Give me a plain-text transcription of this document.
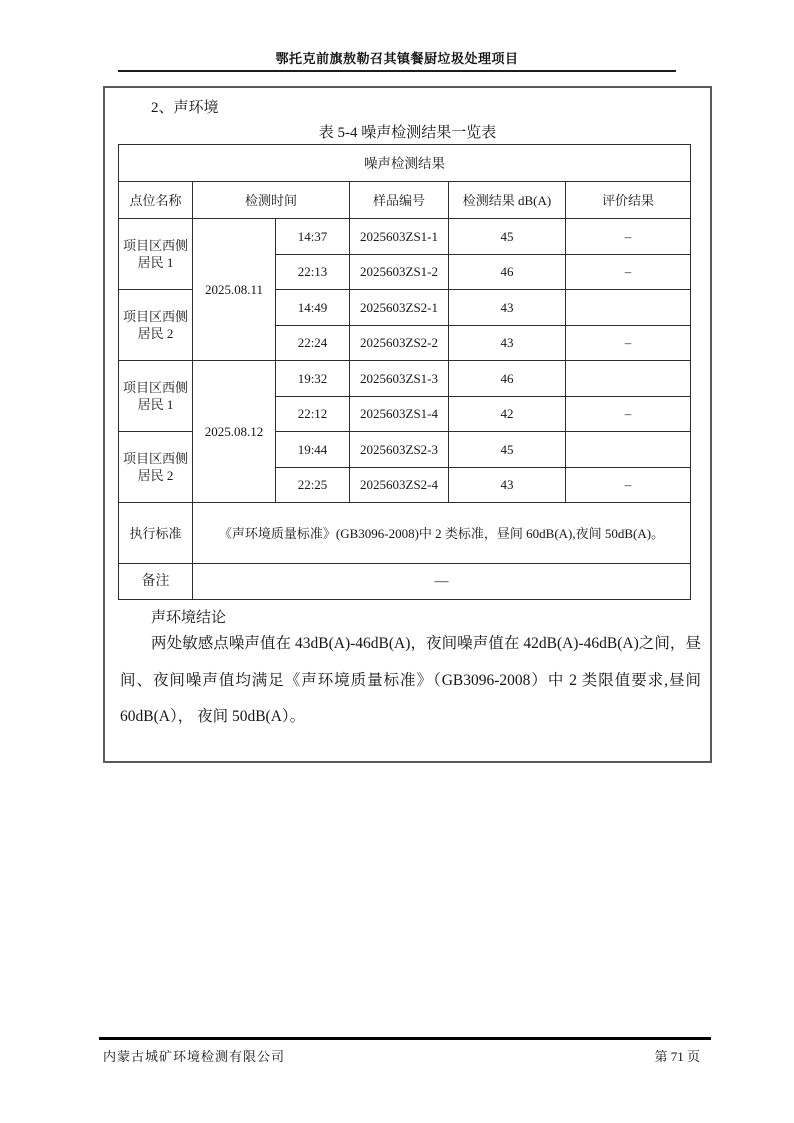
鄂托克前旗敖勒召其镇餐厨垃圾处理项目
2、声环境
表 5-4 噪声检测结果一览表
噪声检测结果					
点位名称	检测时间		样品编号	检测结果 dB(A)	评价结果
项目区西侧居民 1	2025.08.11	14:37	2025603ZS1-1	45	–
		22:13	2025603ZS1-2	46	–
项目区西侧居民 2		14:49	2025603ZS2-1	43	
		22:24	2025603ZS2-2	43	–
项目区西侧居民 1	2025.08.12	19:32	2025603ZS1-3	46	
		22:12	2025603ZS1-4	42	–
项目区西侧居民 2		19:44	2025603ZS2-3	45	
		22:25	2025603ZS2-4	43	–
执行标准	《声环境质量标准》(GB3096-2008)中 2 类标准，昼间 60dB(A),夜间 50dB(A)。				
备注	—				
声环境结论

两处敏感点噪声值在 43dB(A)-46dB(A)，夜间噪声值在 42dB(A)-46dB(A)之间，昼间、夜间噪声值均满足《声环境质量标准》（GB3096-2008）中 2 类限值要求,昼间 60dB(A）， 夜间 50dB(A）。

内蒙古城矿环境检测有限公司	第 71 页
